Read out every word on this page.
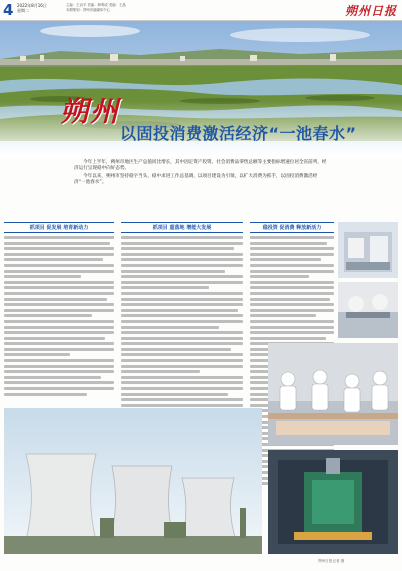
4 2022年8月16日
星期二
主编：王治平 责编：韩利成 美编：王晶
本期策划：朔州市融媒体中心	朔州日报
朔州
以固投消费激活经济“一池春水”

今年上半年，朔州市地区生产总值同比增长，其中固定资产投资、社会消费品零售总额等主要指标增速位居全省前列，经济运行呈现稳中向好态势。

今年以来，朔州市坚持稳字当头、稳中求进工作总基调，以项目建设为引领，以扩大消费为抓手，以固投消费激活经济“一池春水”。

抓项目 促发展 培育新动力	抓项目 重落地 增能大发展	稳投资 促消费 释放新活力
朔州日报记者 摄
